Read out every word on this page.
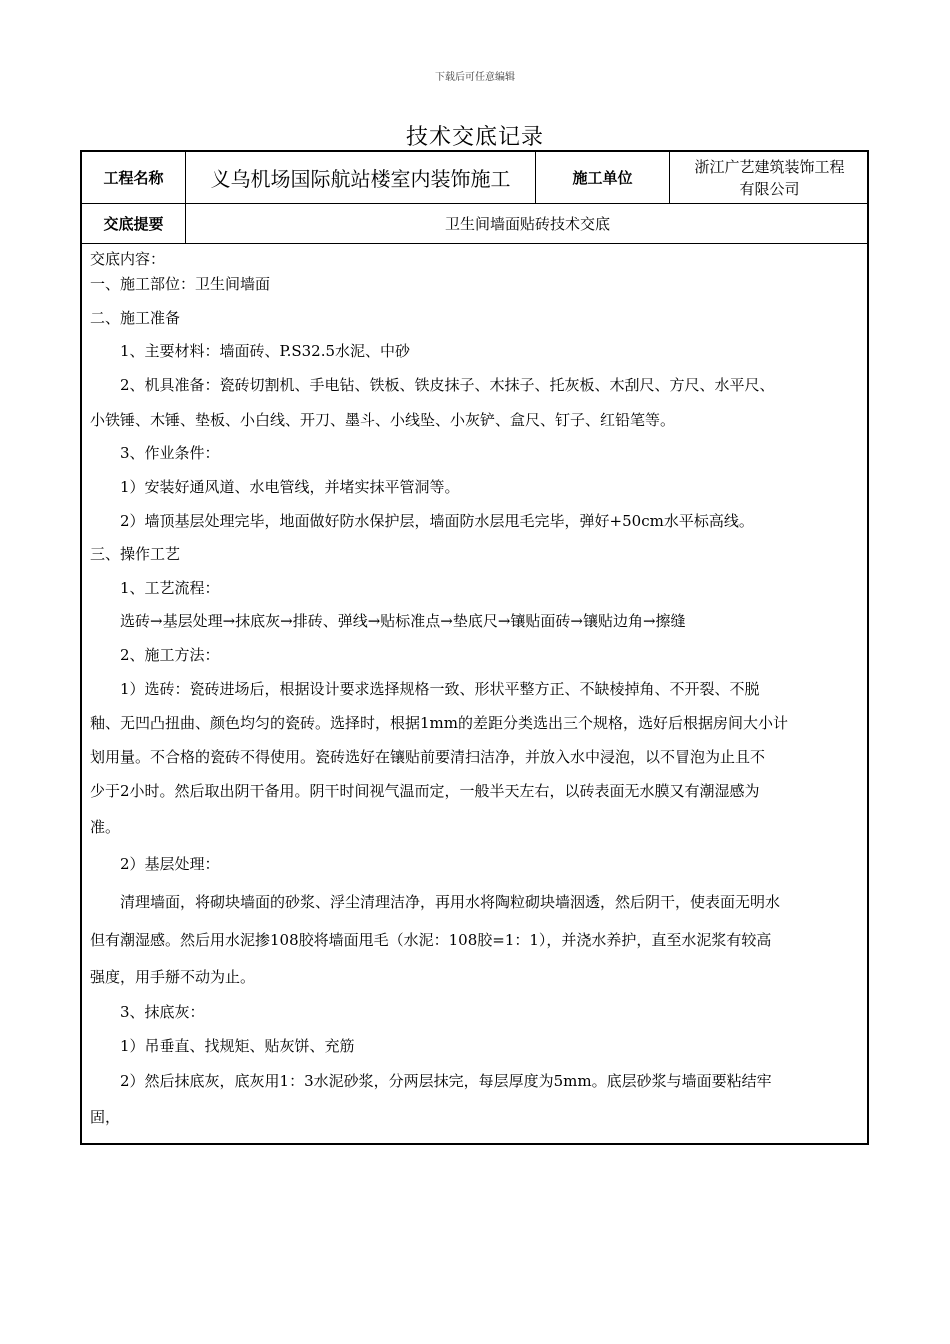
下载后可任意编辑
技术交底记录
工程名称	义乌机场国际航站楼室内装饰施工	施工单位
浙江广艺建筑装饰工程
有限公司
交底提要	卫生间墙面贴砖技术交底
交底内容：
一、施工部位：卫生间墙面
二、施工准备
1、主要材料：墙面砖、P.S32.5水泥、中砂
2、机具准备：瓷砖切割机、手电钻、铁板、铁皮抹子、木抹子、托灰板、木刮尺、方尺、水平尺、
小铁锤、木锤、垫板、小白线、开刀、墨斗、小线坠、小灰铲、盒尺、钉子、红铅笔等。
3、作业条件：
1）安装好通风道、水电管线，并堵实抹平管洞等。
2）墙顶基层处理完毕，地面做好防水保护层，墙面防水层甩毛完毕，弹好+50cm水平标高线。
三、操作工艺
1、工艺流程：
选砖→基层处理→抹底灰→排砖、弹线→贴标准点→垫底尺→镶贴面砖→镶贴边角→擦缝
2、施工方法：
1）选砖：瓷砖进场后，根据设计要求选择规格一致、形状平整方正、不缺棱掉角、不开裂、不脱
釉、无凹凸扭曲、颜色均匀的瓷砖。选择时，根据1mm的差距分类选出三个规格，选好后根据房间大小计
划用量。不合格的瓷砖不得使用。瓷砖选好在镶贴前要清扫洁净，并放入水中浸泡，以不冒泡为止且不
少于2小时。然后取出阴干备用。阴干时间视气温而定，一般半天左右，以砖表面无水膜又有潮湿感为
准。
2）基层处理：
清理墙面，将砌块墙面的砂浆、浮尘清理洁净，再用水将陶粒砌块墙洇透，然后阴干，使表面无明水
但有潮湿感。然后用水泥掺108胶将墙面甩毛（水泥：108胶=1：1），并浇水养护，直至水泥浆有较高
强度，用手掰不动为止。
3、抹底灰：
1）吊垂直、找规矩、贴灰饼、充筋
2）然后抹底灰，底灰用1：3水泥砂浆，分两层抹完，每层厚度为5mm。底层砂浆与墙面要粘结牢
固，
